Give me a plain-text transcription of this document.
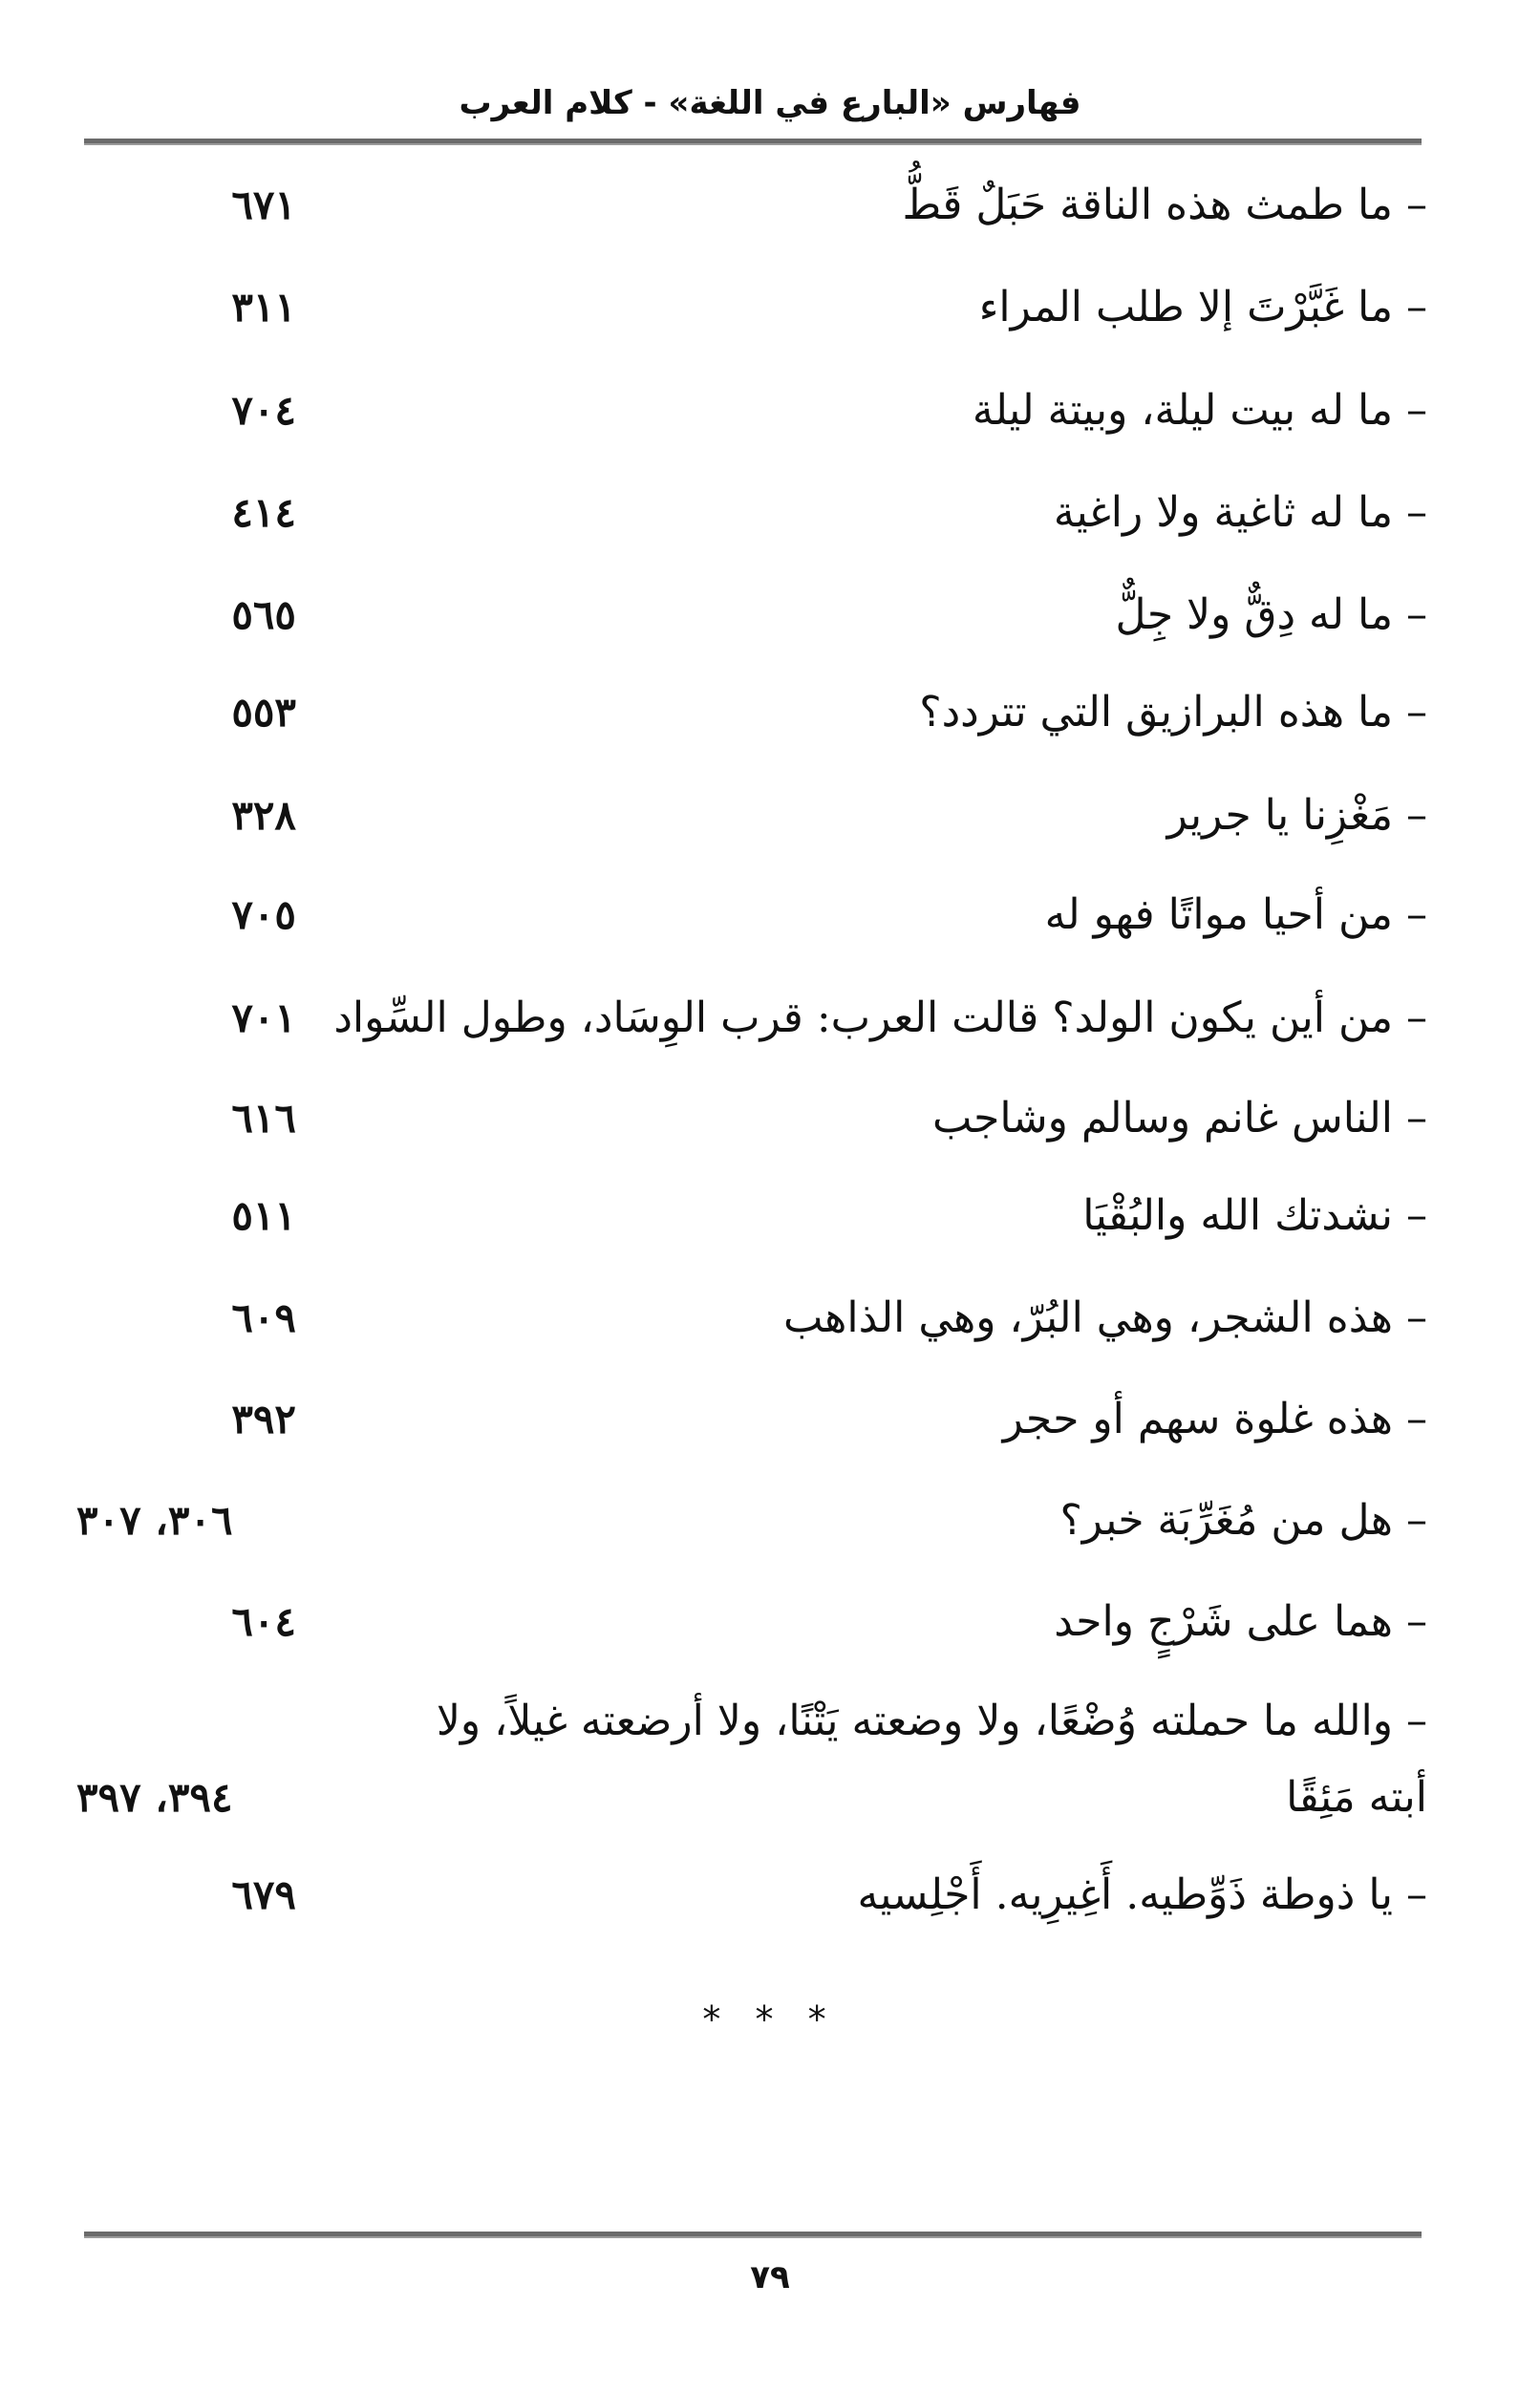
فهارس «البارع في اللغة» - كلام العرب
– ما طمث هذه الناقة حَبَلٌ قَطُّ
٦٧١
– ما غَبَّرْتَ إلا طلب المراء
٣١١
– ما له بيت ليلة، وبيتة ليلة
٧٠٤
– ما له ثاغية ولا راغية
٤١٤
– ما له دِقٌّ ولا جِلٌّ
٥٦٥
– ما هذه البرازيق التي تتردد؟
٥٥٣
– مَغْزِنا يا جرير
٣٢٨
– من أحيا مواتًا فهو له
٧٠٥
– من أين يكون الولد؟ قالت العرب: قرب الوِسَاد، وطول السِّواد
٧٠١
– الناس غانم وسالم وشاجب
٦١٦
– نشدتك الله والبُقْيَا
٥١١
– هذه الشجر، وهي البُرّ، وهي الذاهب
٦٠٩
– هذه غلوة سهم أو حجر
٣٩٢
– هل من مُغَرِّبَة خبر؟
٣٠٦، ٣٠٧
– هما على شَرْجٍ واحد
٦٠٤
– والله ما حملته وُضْعًا، ولا وضعته يَتْنًا، ولا أرضعته غيلاً، ولا
أبته مَئِقًا
٣٩٤، ٣٩٧
– يا ذوطة ذَوِّطيه. أَغِيرِيه. أَجْلِسيه
٦٧٩
* * *
٧٩
